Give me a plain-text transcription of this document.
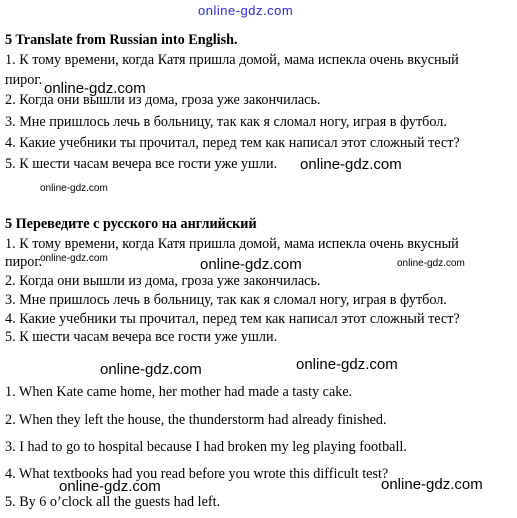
online-gdz.com

5 Translate from Russian into English.

1. К тому времени, когда Катя пришла домой, мама испекла очень вкусный

пирог.

2. Когда они вышли из дома, гроза уже закончилась.

3. Мне пришлось лечь в больницу, так как я сломал ногу, играя в футбол.

4. Какие учебники ты прочитал, перед тем как написал этот сложный тест?

5. К шести часам вечера все гости уже ушли.

5 Переведите с русского на английский

1. К тому времени, когда Катя пришла домой, мама испекла очень вкусный

пирог.

2. Когда они вышли из дома, гроза уже закончилась.

3. Мне пришлось лечь в больницу, так как я сломал ногу, играя в футбол.

4. Какие учебники ты прочитал, перед тем как написал этот сложный тест?

5. К шести часам вечера все гости уже ушли.

1. When Kate came home, her mother had made a tasty cake.

2. When they left the house, the thunderstorm had already finished.

3. I had to go to hospital because I had broken my leg playing football.

4. What textbooks had you read before you wrote this difficult test?

5. By 6 o’clock all the guests had left.

online-gdz.com
online-gdz.com
online-gdz.com
online-gdz.com	online-gdz.com	online-gdz.com
online-gdz.com	online-gdz.com
online-gdz.com	online-gdz.com
